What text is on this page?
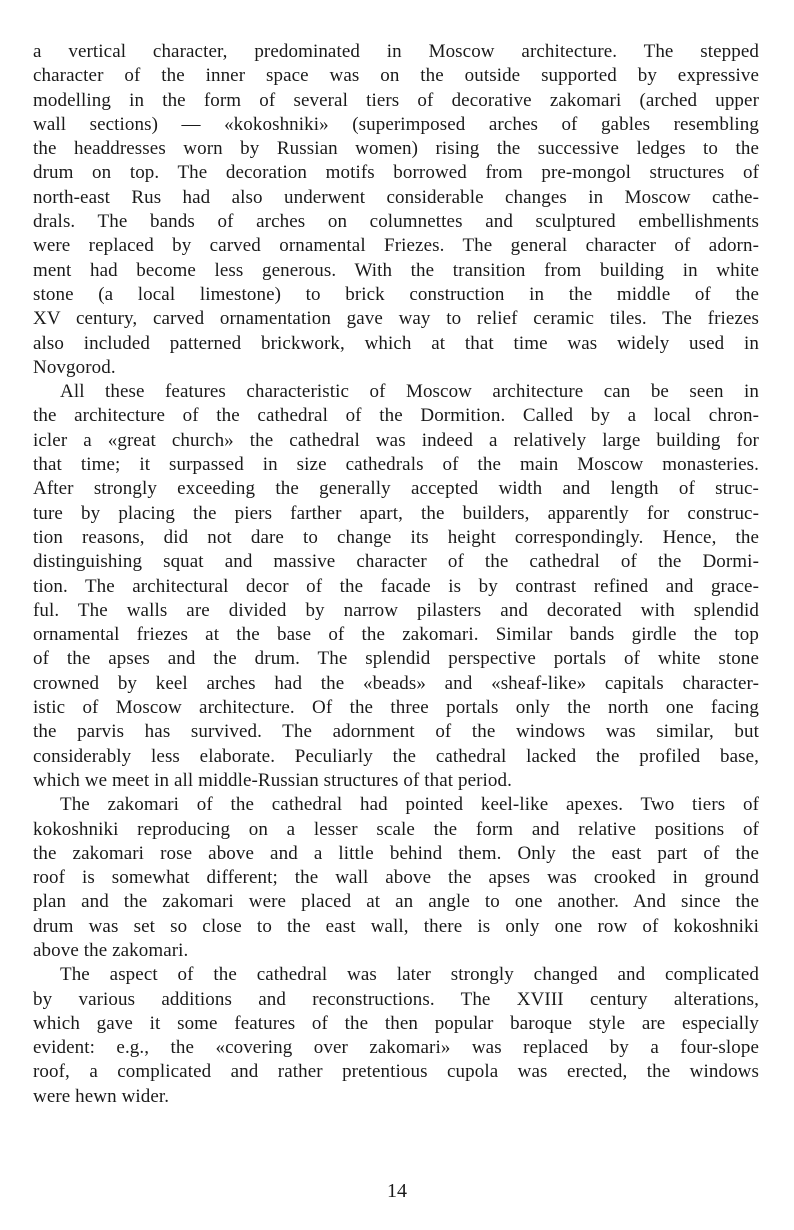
a vertical character, predominated in Moscow architecture. The stepped
character of the inner space was on the outside supported by expressive
modelling in the form of several tiers of decorative zakomari (arched upper
wall sections) — «kokoshniki» (superimposed arches of gables resembling
the headdresses worn by Russian women) rising the successive ledges to the
drum on top. The decoration motifs borrowed from pre-mongol structures of
north-east Rus had also underwent considerable changes in Moscow cathe-
drals. The bands of arches on columnettes and sculptured embellishments
were replaced by carved ornamental Friezes. The general character of adorn-
ment had become less generous. With the transition from building in white
stone (a local limestone) to brick construction in the middle of the
XV century, carved ornamentation gave way to relief ceramic tiles. The friezes
also included patterned brickwork, which at that time was widely used in
Novgorod.
All these features characteristic of Moscow architecture can be seen in
the architecture of the cathedral of the Dormition. Called by a local chron-
icler a «great church» the cathedral was indeed a relatively large building for
that time; it surpassed in size cathedrals of the main Moscow monasteries.
After strongly exceeding the generally accepted width and length of struc-
ture by placing the piers farther apart, the builders, apparently for construc-
tion reasons, did not dare to change its height correspondingly. Hence, the
distinguishing squat and massive character of the cathedral of the Dormi-
tion. The architectural decor of the facade is by contrast refined and grace-
ful. The walls are divided by narrow pilasters and decorated with splendid
ornamental friezes at the base of the zakomari. Similar bands girdle the top
of the apses and the drum. The splendid perspective portals of white stone
crowned by keel arches had the «beads» and «sheaf-like» capitals character-
istic of Moscow architecture. Of the three portals only the north one facing
the parvis has survived. The adornment of the windows was similar, but
considerably less elaborate. Peculiarly the cathedral lacked the profiled base,
which we meet in all middle-Russian structures of that period.
The zakomari of the cathedral had pointed keel-like apexes. Two tiers of
kokoshniki reproducing on a lesser scale the form and relative positions of
the zakomari rose above and a little behind them. Only the east part of the
roof is somewhat different; the wall above the apses was crooked in ground
plan and the zakomari were placed at an angle to one another. And since the
drum was set so close to the east wall, there is only one row of kokoshniki
above the zakomari.
The aspect of the cathedral was later strongly changed and complicated
by various additions and reconstructions. The XVIII century alterations,
which gave it some features of the then popular baroque style are especially
evident: e.g., the «covering over zakomari» was replaced by a four-slope
roof, a complicated and rather pretentious cupola was erected, the windows
were hewn wider.
14
